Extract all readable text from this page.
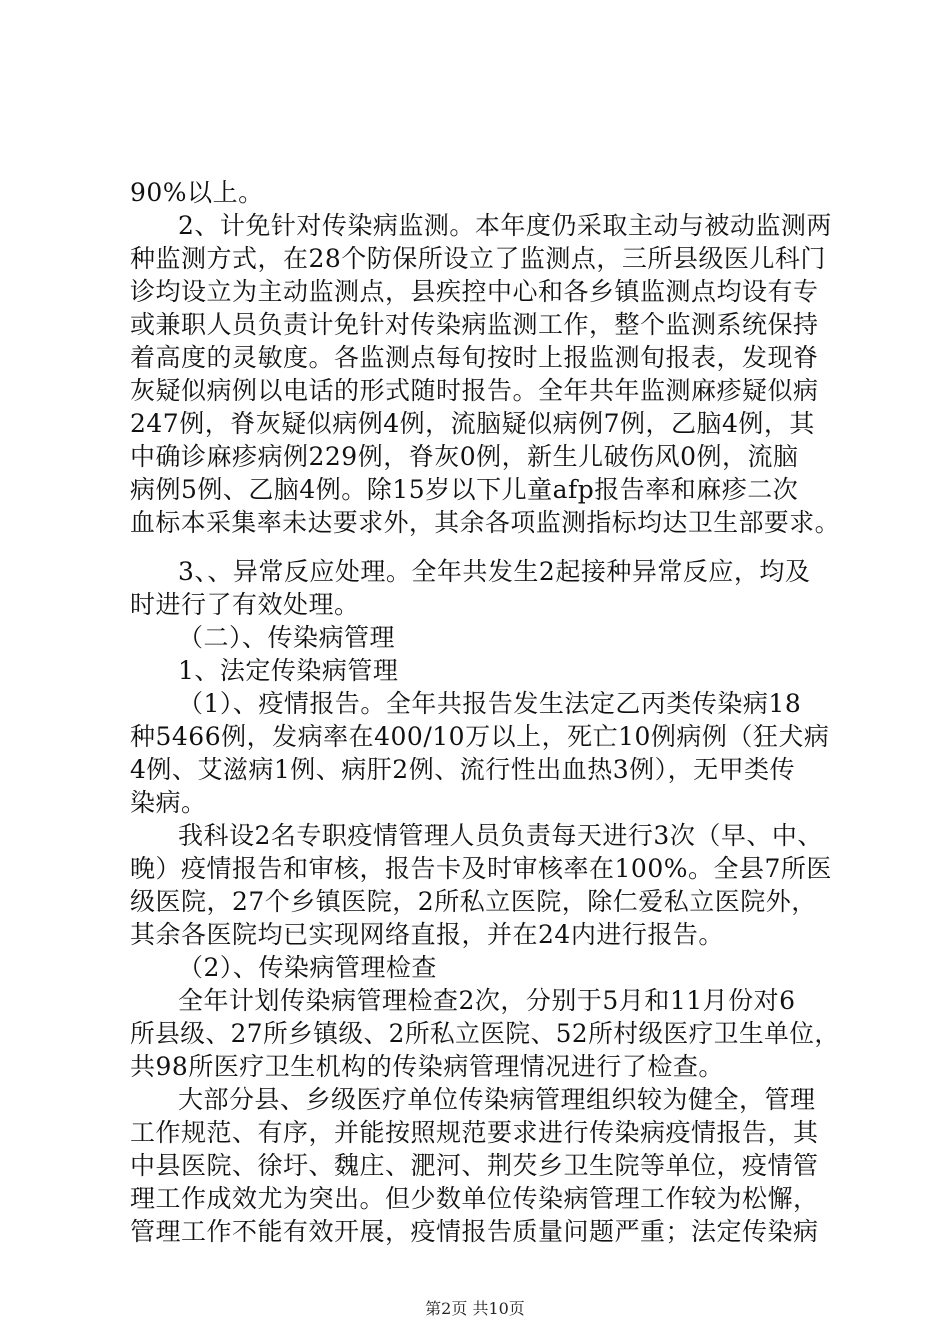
90%以上。
2、计免针对传染病监测。本年度仍采取主动与被动监测两
种监测方式，在28个防保所设立了监测点，三所县级医儿科门
诊均设立为主动监测点，县疾控中心和各乡镇监测点均设有专
或兼职人员负责计免针对传染病监测工作，整个监测系统保持
着高度的灵敏度。各监测点每旬按时上报监测旬报表，发现脊
灰疑似病例以电话的形式随时报告。全年共年监测麻疹疑似病
247例，脊灰疑似病例4例，流脑疑似病例7例，乙脑4例，其
中确诊麻疹病例229例，脊灰0例，新生儿破伤风0例，流脑
病例5例、乙脑4例。除15岁以下儿童afp报告率和麻疹二次
血标本采集率未达要求外，其余各项监测指标均达卫生部要求。
3、、异常反应处理。全年共发生2起接种异常反应，均及
时进行了有效处理。
（二）、传染病管理
1、法定传染病管理
（1）、疫情报告。全年共报告发生法定乙丙类传染病18
种5466例，发病率在400/10万以上，死亡10例病例（狂犬病
4例、艾滋病1例、病肝2例、流行性出血热3例），无甲类传
染病。
我科设2名专职疫情管理人员负责每天进行3次（早、中、
晚）疫情报告和审核，报告卡及时审核率在100%。全县7所医
级医院，27个乡镇医院，2所私立医院，除仁爱私立医院外，
其余各医院均已实现网络直报，并在24内进行报告。
（2）、传染病管理检查
全年计划传染病管理检查2次，分别于5月和11月份对6
所县级、27所乡镇级、2所私立医院、52所村级医疗卫生单位，
共98所医疗卫生机构的传染病管理情况进行了检查。
大部分县、乡级医疗单位传染病管理组织较为健全，管理
工作规范、有序，并能按照规范要求进行传染病疫情报告，其
中县医院、徐圩、魏庄、淝河、荆芡乡卫生院等单位，疫情管
理工作成效尤为突出。但少数单位传染病管理工作较为松懈，
管理工作不能有效开展，疫情报告质量问题严重；法定传染病
第2页 共10页
